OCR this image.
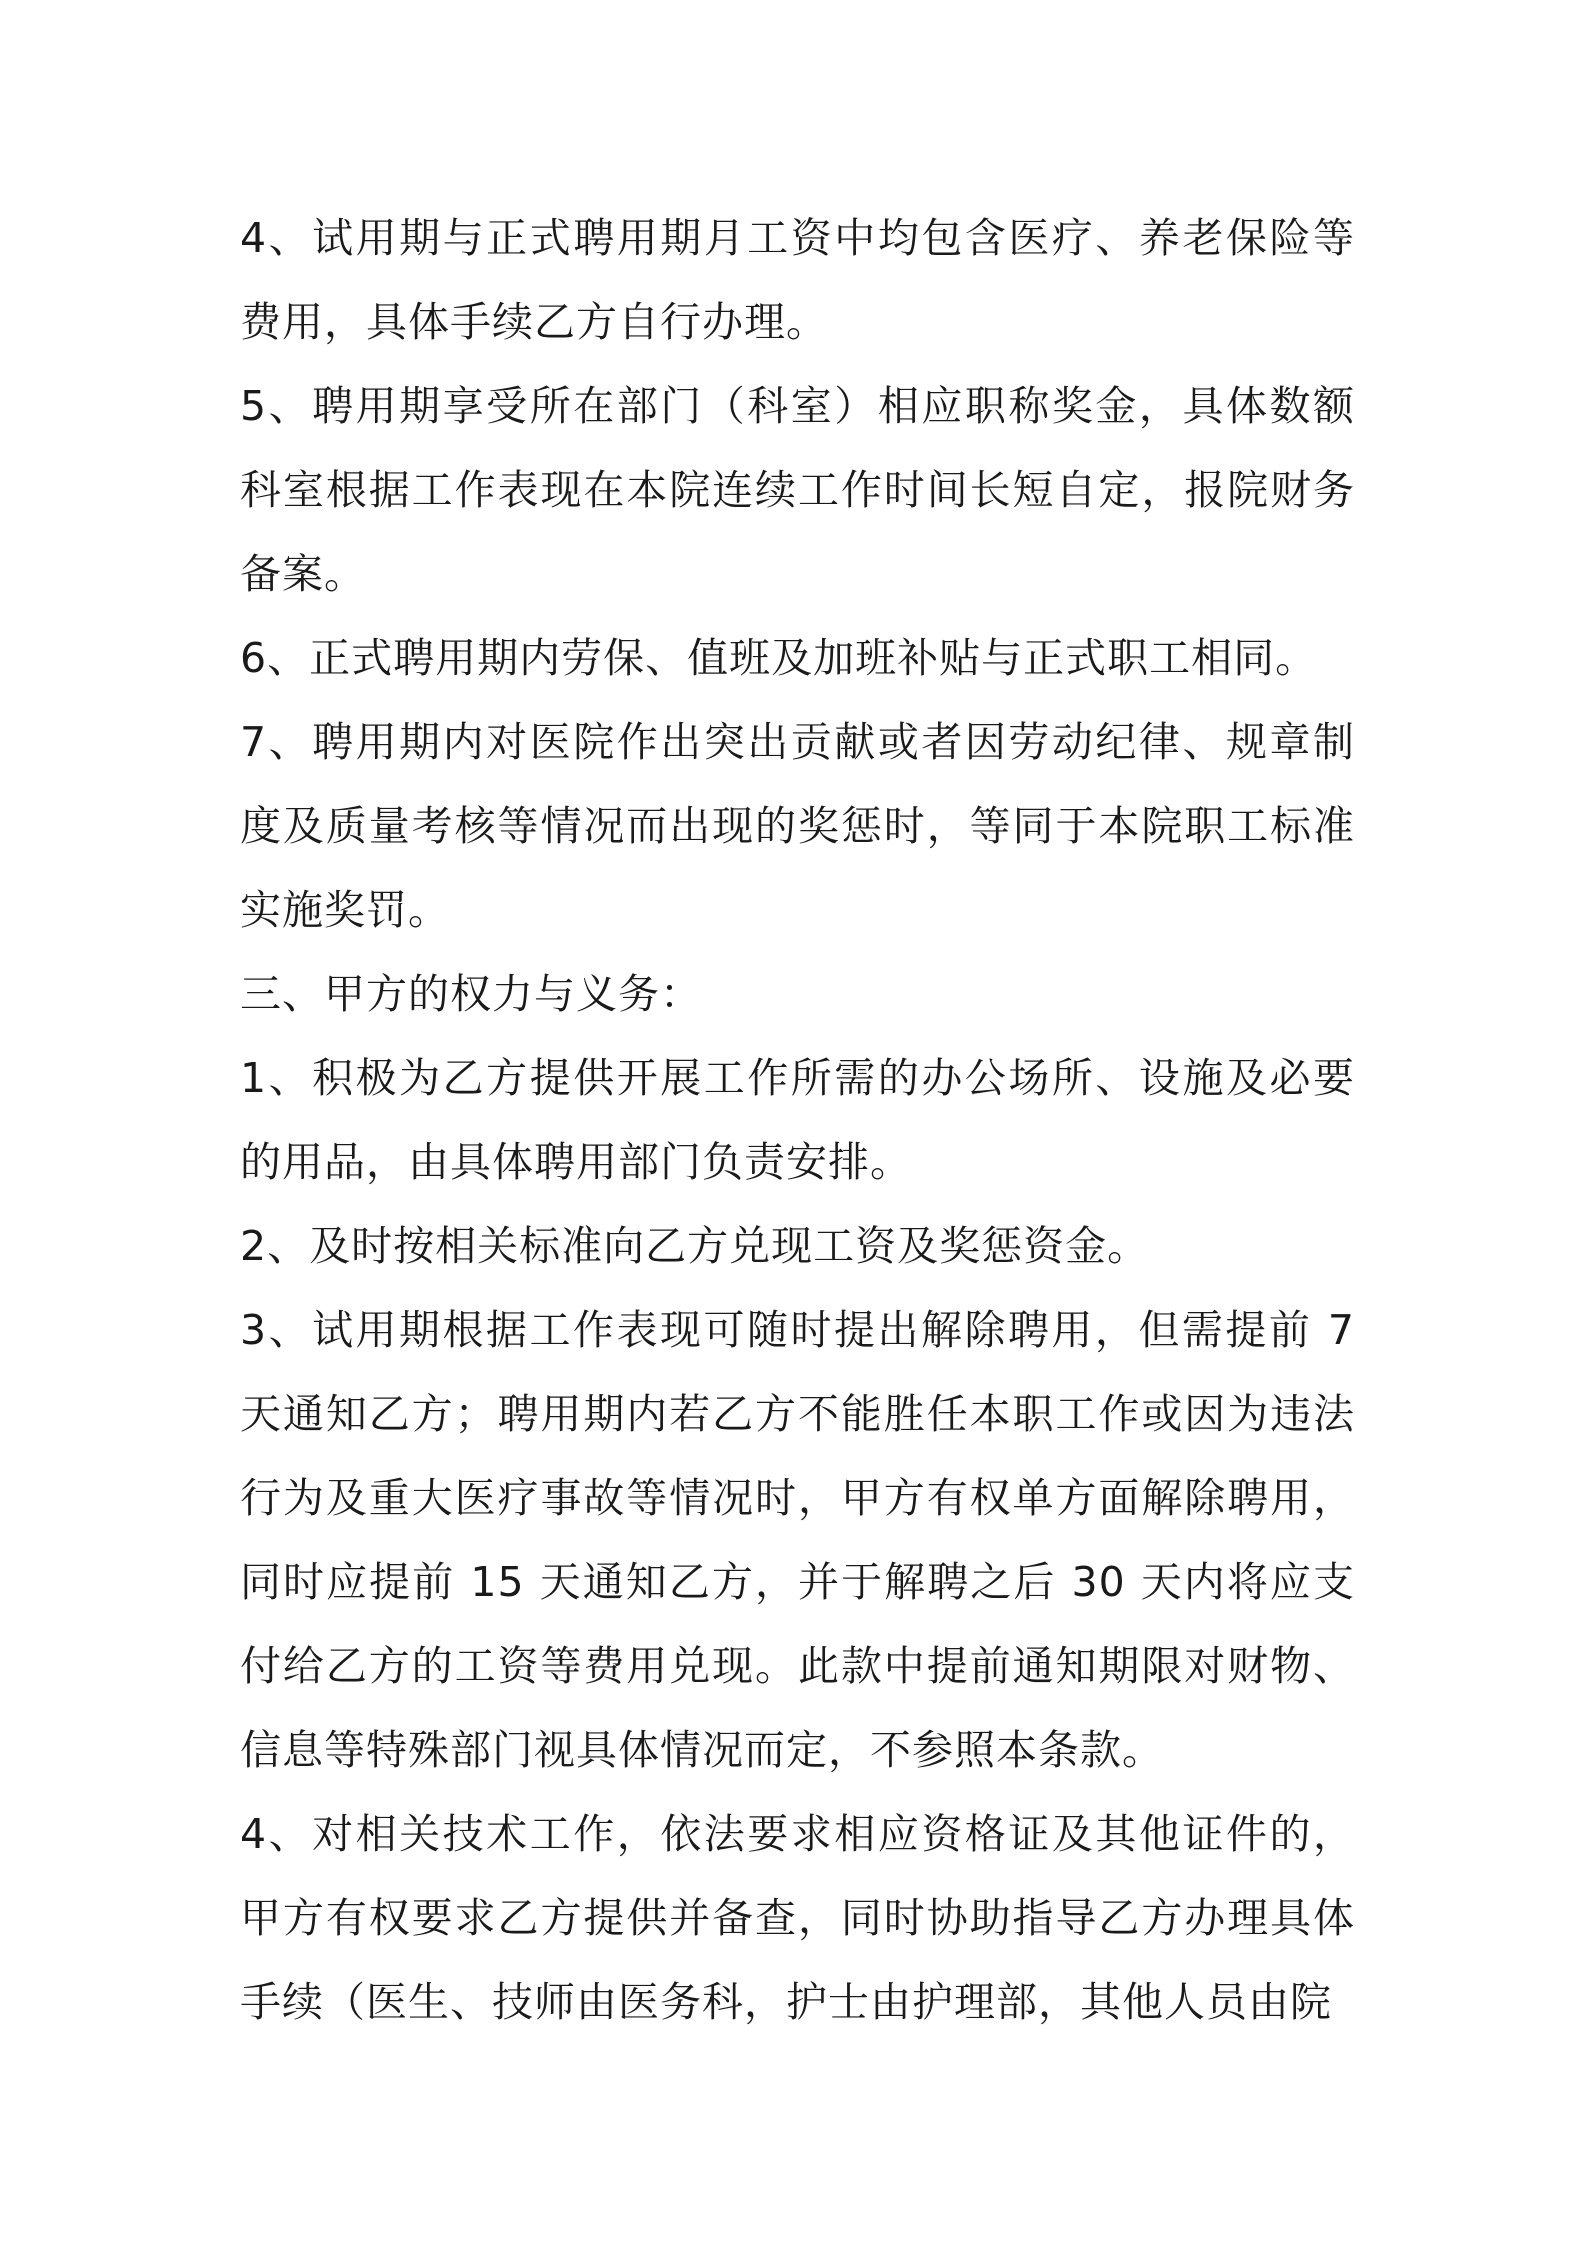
4、试用期与正式聘用期月工资中均包含医疗、养老保险等费用，具体手续乙方自行办理。

5、聘用期享受所在部门（科室）相应职称奖金，具体数额科室根据工作表现在本院连续工作时间长短自定，报院财务备案。

6、正式聘用期内劳保、值班及加班补贴与正式职工相同。

7、聘用期内对医院作出突出贡献或者因劳动纪律、规章制度及质量考核等情况而出现的奖惩时，等同于本院职工标准实施奖罚。

三、甲方的权力与义务：

1、积极为乙方提供开展工作所需的办公场所、设施及必要的用品，由具体聘用部门负责安排。

2、及时按相关标准向乙方兑现工资及奖惩资金。

3、试用期根据工作表现可随时提出解除聘用，但需提前 7 天通知乙方；聘用期内若乙方不能胜任本职工作或因为违法行为及重大医疗事故等情况时，甲方有权单方面解除聘用，同时应提前 15 天通知乙方，并于解聘之后 30 天内将应支付给乙方的工资等费用兑现。此款中提前通知期限对财物、信息等特殊部门视具体情况而定，不参照本条款。

4、对相关技术工作，依法要求相应资格证及其他证件的，甲方有权要求乙方提供并备查，同时协助指导乙方办理具体手续（医生、技师由医务科，护士由护理部，其他人员由院
